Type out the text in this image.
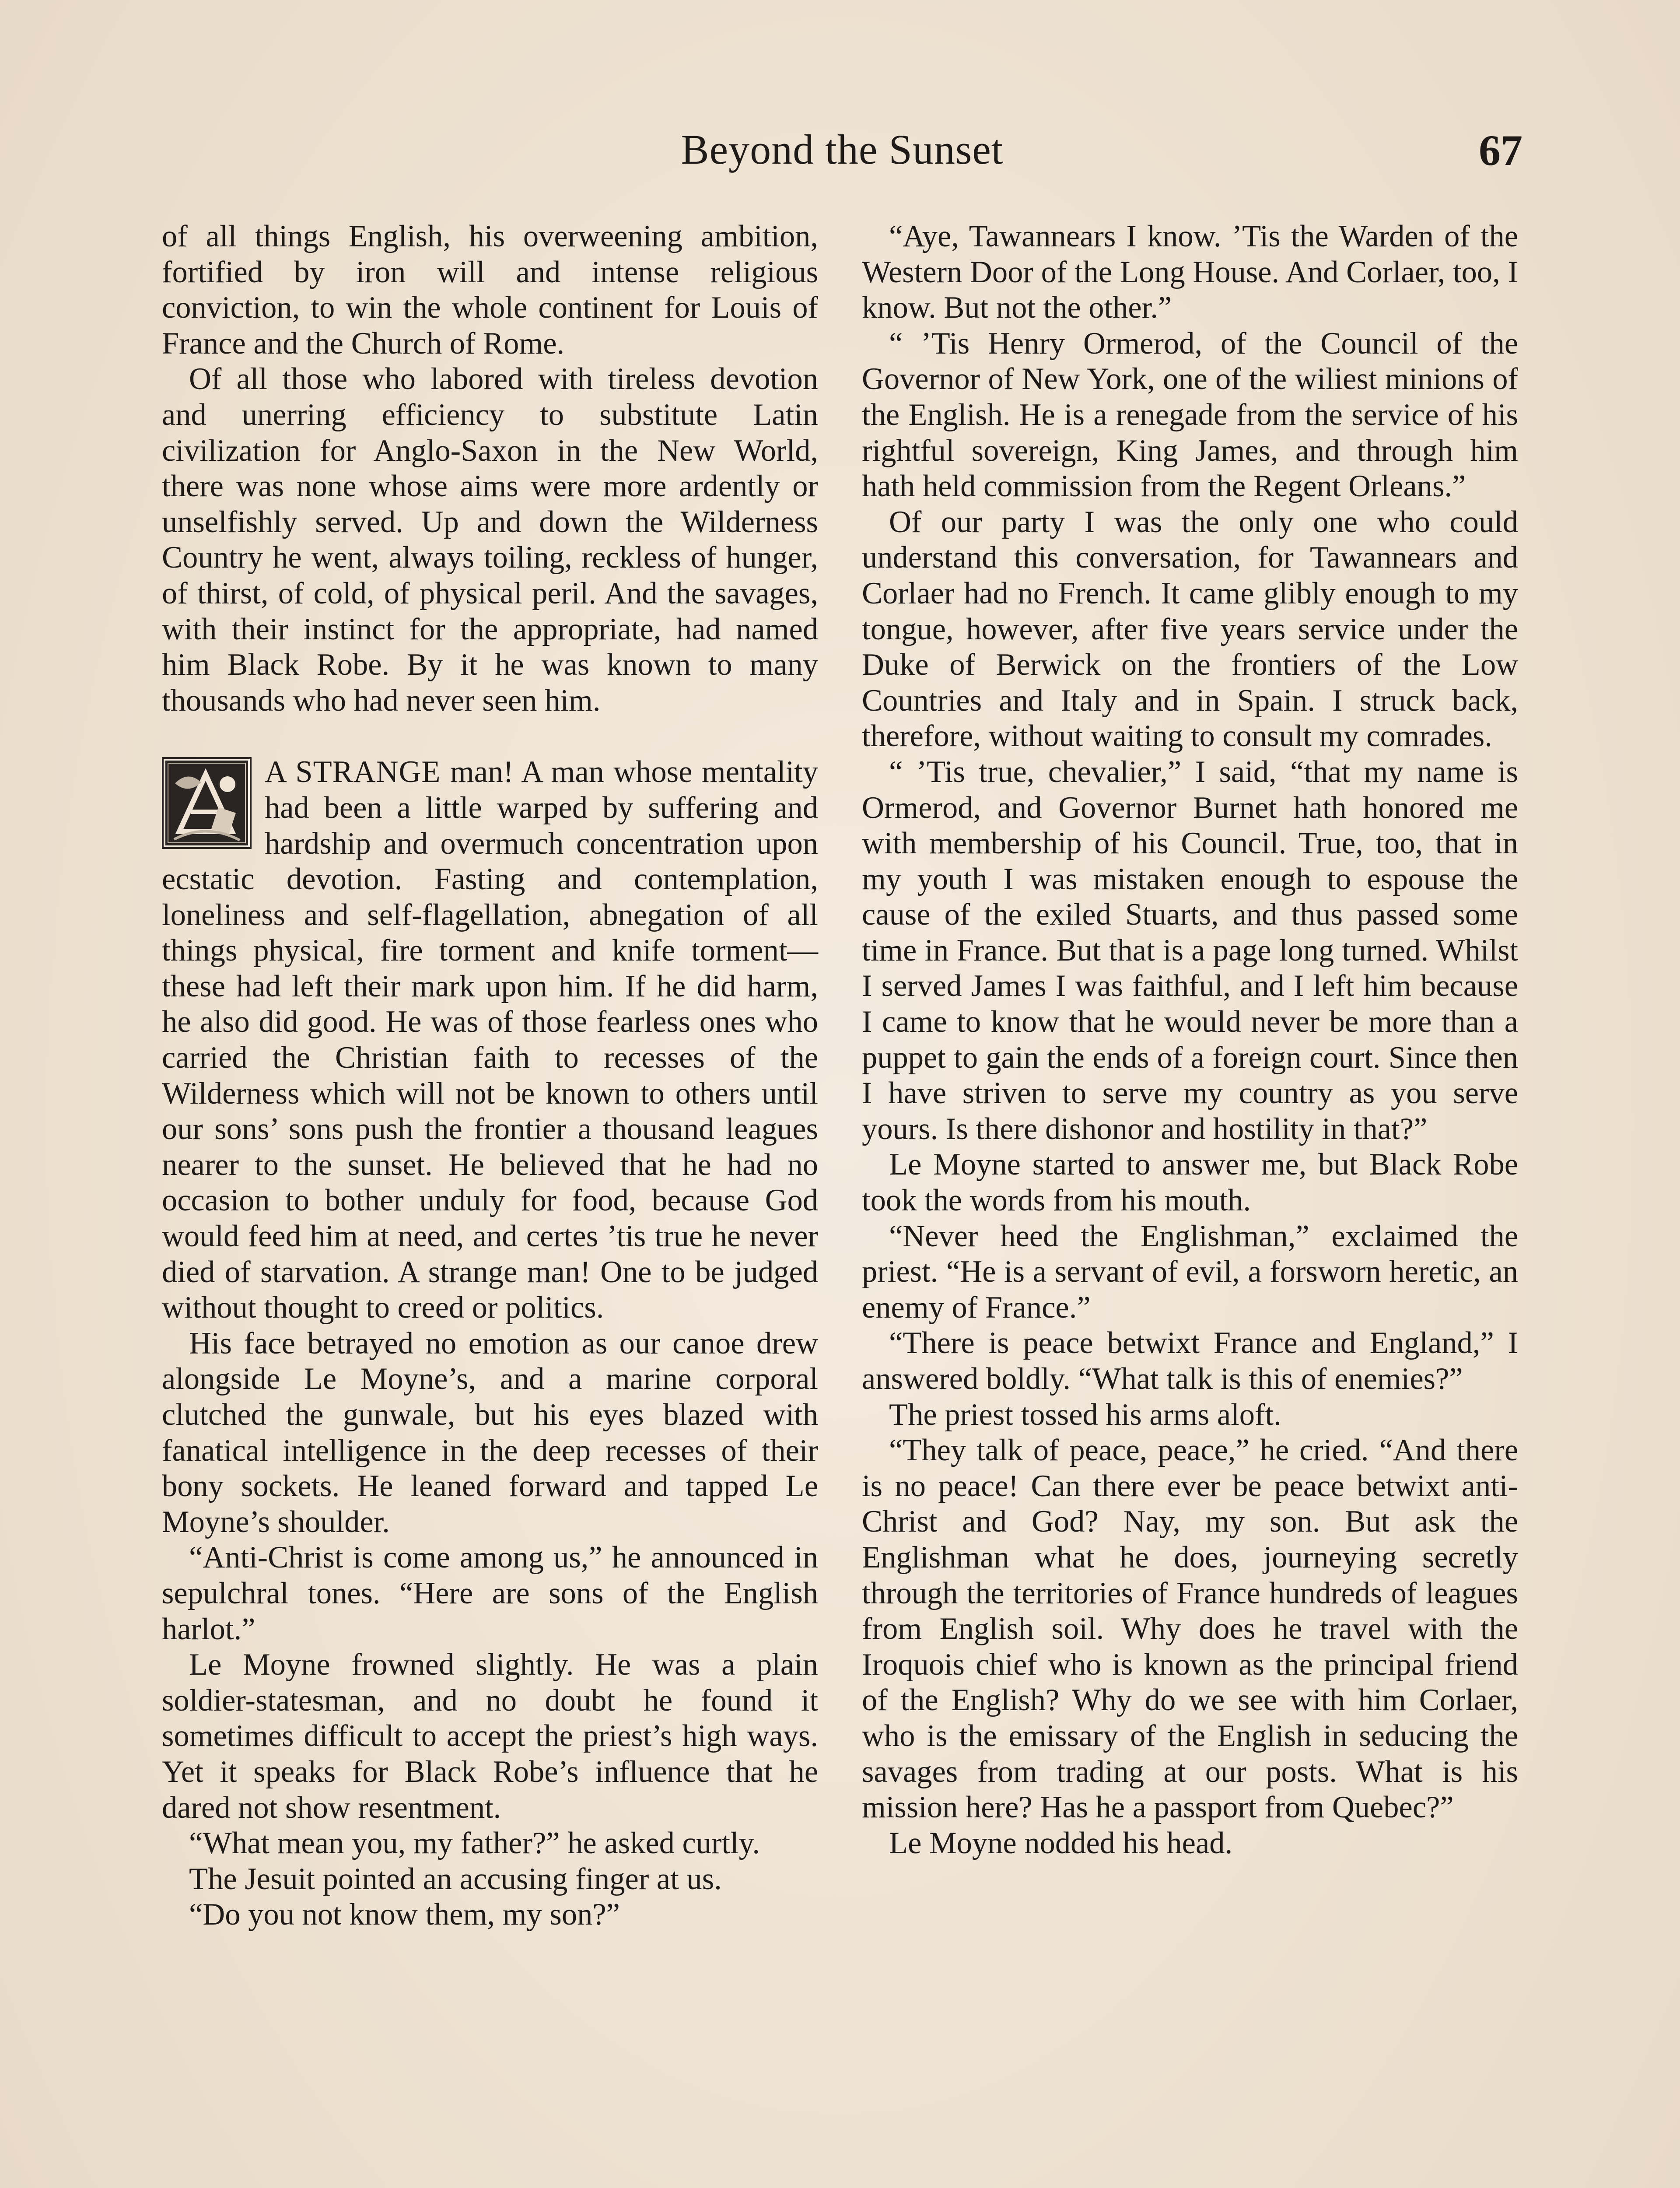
Beyond the Sunset	67

of all things English, his overweening ambition, fortified by iron will and intense religious conviction, to win the whole continent for Louis of France and the Church of Rome.

Of all those who labored with tireless devotion and unerring efficiency to substitute Latin civilization for Anglo-Saxon in the New World, there was none whose aims were more ardently or unselfishly served. Up and down the Wilderness Country he went, always toiling, reckless of hunger, of thirst, of cold, of physical peril. And the savages, with their instinct for the appropriate, had named him Black Robe. By it he was known to many thousands who had never seen him.

A STRANGE man! A man whose mentality had been a little warped by suffering and hardship and overmuch concentration upon ecstatic devotion. Fasting and contemplation, loneliness and self-flagellation, abnegation of all things physical, fire torment and knife torment— these had left their mark upon him. If he did harm, he also did good. He was of those fearless ones who carried the Christian faith to recesses of the Wilderness which will not be known to others until our sons’ sons push the frontier a thousand leagues nearer to the sunset. He believed that he had no occasion to bother unduly for food, because God would feed him at need, and certes ’tis true he never died of starvation. A strange man! One to be judged without thought to creed or politics.

His face betrayed no emotion as our canoe drew alongside Le Moyne’s, and a marine corporal clutched the gunwale, but his eyes blazed with fanatical intelligence in the deep recesses of their bony sockets. He leaned forward and tapped Le Moyne’s shoulder.

“Anti-Christ is come among us,” he announced in sepulchral tones. “Here are sons of the English harlot.”

Le Moyne frowned slightly. He was a plain soldier-statesman, and no doubt he found it sometimes difficult to accept the priest’s high ways. Yet it speaks for Black Robe’s influence that he dared not show resentment.

“What mean you, my father?” he asked curtly.

The Jesuit pointed an accusing finger at us.

“Do you not know them, my son?”

“Aye, Tawannears I know. ’Tis the Warden of the Western Door of the Long House. And Corlaer, too, I know. But not the other.”

“ ’Tis Henry Ormerod, of the Council of the Governor of New York, one of the wiliest minions of the English. He is a renegade from the service of his rightful sovereign, King James, and through him hath held commission from the Regent Orleans.”

Of our party I was the only one who could understand this conversation, for Tawannears and Corlaer had no French. It came glibly enough to my tongue, however, after five years service under the Duke of Berwick on the frontiers of the Low Countries and Italy and in Spain. I struck back, therefore, without waiting to consult my comrades.

“ ’Tis true, chevalier,” I said, “that my name is Ormerod, and Governor Burnet hath honored me with membership of his Council. True, too, that in my youth I was mistaken enough to espouse the cause of the exiled Stuarts, and thus passed some time in France. But that is a page long turned. Whilst I served James I was faithful, and I left him because I came to know that he would never be more than a puppet to gain the ends of a foreign court. Since then I have striven to serve my country as you serve yours. Is there dishonor and hostility in that?”

Le Moyne started to answer me, but Black Robe took the words from his mouth.

“Never heed the Englishman,” exclaimed the priest. “He is a servant of evil, a forsworn heretic, an enemy of France.”

“There is peace betwixt France and England,” I answered boldly. “What talk is this of enemies?”

The priest tossed his arms aloft.

“They talk of peace, peace,” he cried. “And there is no peace! Can there ever be peace betwixt anti-Christ and God? Nay, my son. But ask the Englishman what he does, journeying secretly through the territories of France hundreds of leagues from English soil. Why does he travel with the Iroquois chief who is known as the principal friend of the English? Why do we see with him Corlaer, who is the emissary of the English in seducing the savages from trading at our posts. What is his mission here? Has he a passport from Quebec?”

Le Moyne nodded his head.
